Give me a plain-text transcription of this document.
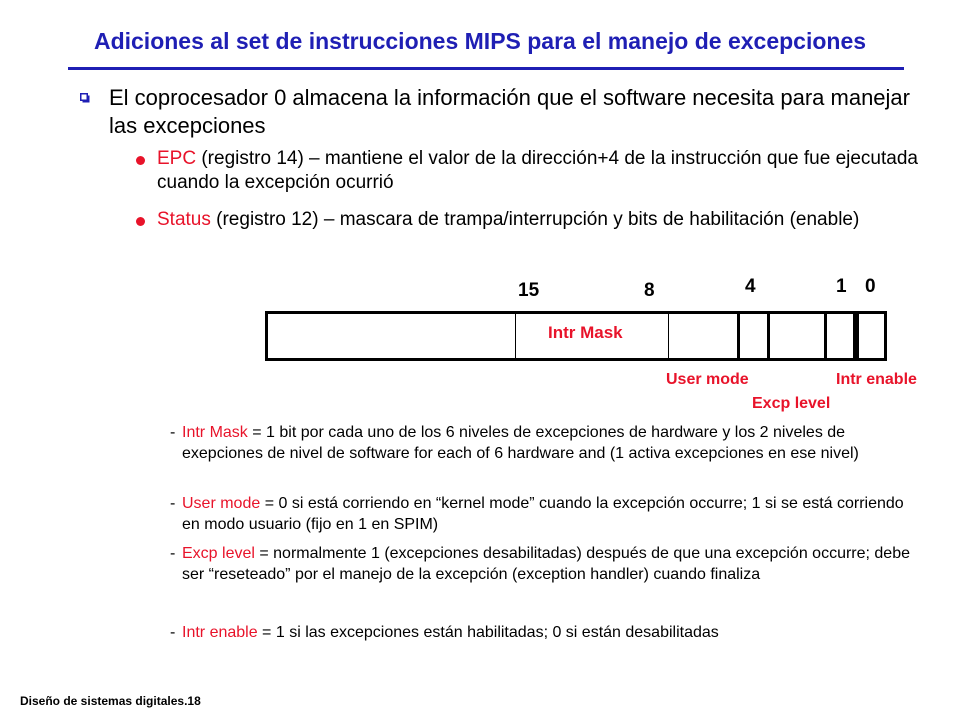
Adiciones al set de instrucciones MIPS para el manejo de excepciones
El coprocesador 0 almacena la información que el software necesita para manejar las excepciones
EPC (registro 14) – mantiene el valor de la dirección+4 de la instrucción que fue ejecutada cuando la excepción ocurrió
Status (registro 12) – mascara de trampa/interrupción y bits de habilitación (enable)
15	8	4	1 0
Intr Mask
User mode	Intr enable
Excp level
- Intr Mask = 1 bit por cada uno de los 6 niveles de excepciones de hardware y los 2 niveles de exepciones de nivel de software for each of 6 hardware and (1 activa excepciones en ese nivel)
- User mode = 0 si está corriendo en “kernel mode” cuando la excepción occurre; 1 si se está corriendo en modo usuario (fijo en 1 en SPIM)
- Excp level = normalmente 1 (excepciones desabilitadas) después de que una excepción occurre; debe ser “reseteado” por el manejo de la excepción (exception handler) cuando finaliza
- Intr enable = 1 si las excepciones están habilitadas; 0 si están desabilitadas
Diseño de sistemas digitales.18
